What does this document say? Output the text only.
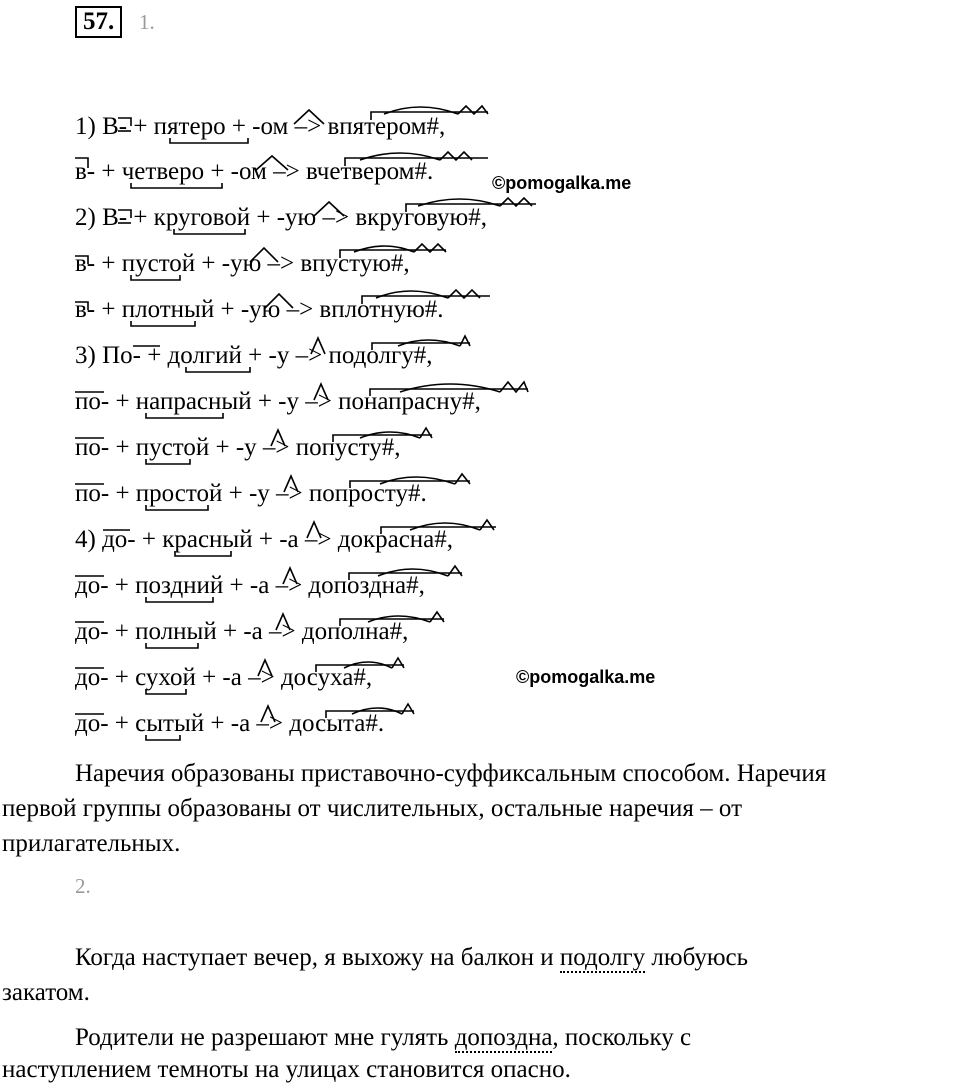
57.	1.
1) В- + пятеро + -ом –> впятером#,
в- + четверо + -ом –> вчетвером#.
2) В- + круговой + -ую –> вкруговую#,
в- + пустой + -ую –> впустую#,
в- + плотный + -ую –> вплотную#.
3) По- + долгий + -у –> подолгу#,
по- + напрасный + -у –> понапрасну#,
по- + пустой + -у –> попусту#,
по- + простой + -у –> попросту#.
4) до- + красный + -а –> докрасна#,
до- + поздний + -а –> допоздна#,
до- + полный + -а –> дополна#,
до- + сухой + -а –> досуха#,
до- + сытый + -а –> досыта#.
©pomogalka.me
©pomogalka.me
Наречия образованы приставочно-суффиксальным способом. Наречия
первой группы образованы от числительных, остальные наречия – от
прилагательных.
2.
Когда наступает вечер, я выхожу на балкон и подолгу любуюсь
закатом.
Родители не разрешают мне гулять допоздна, поскольку с
наступлением темноты на улицах становится опасно.
